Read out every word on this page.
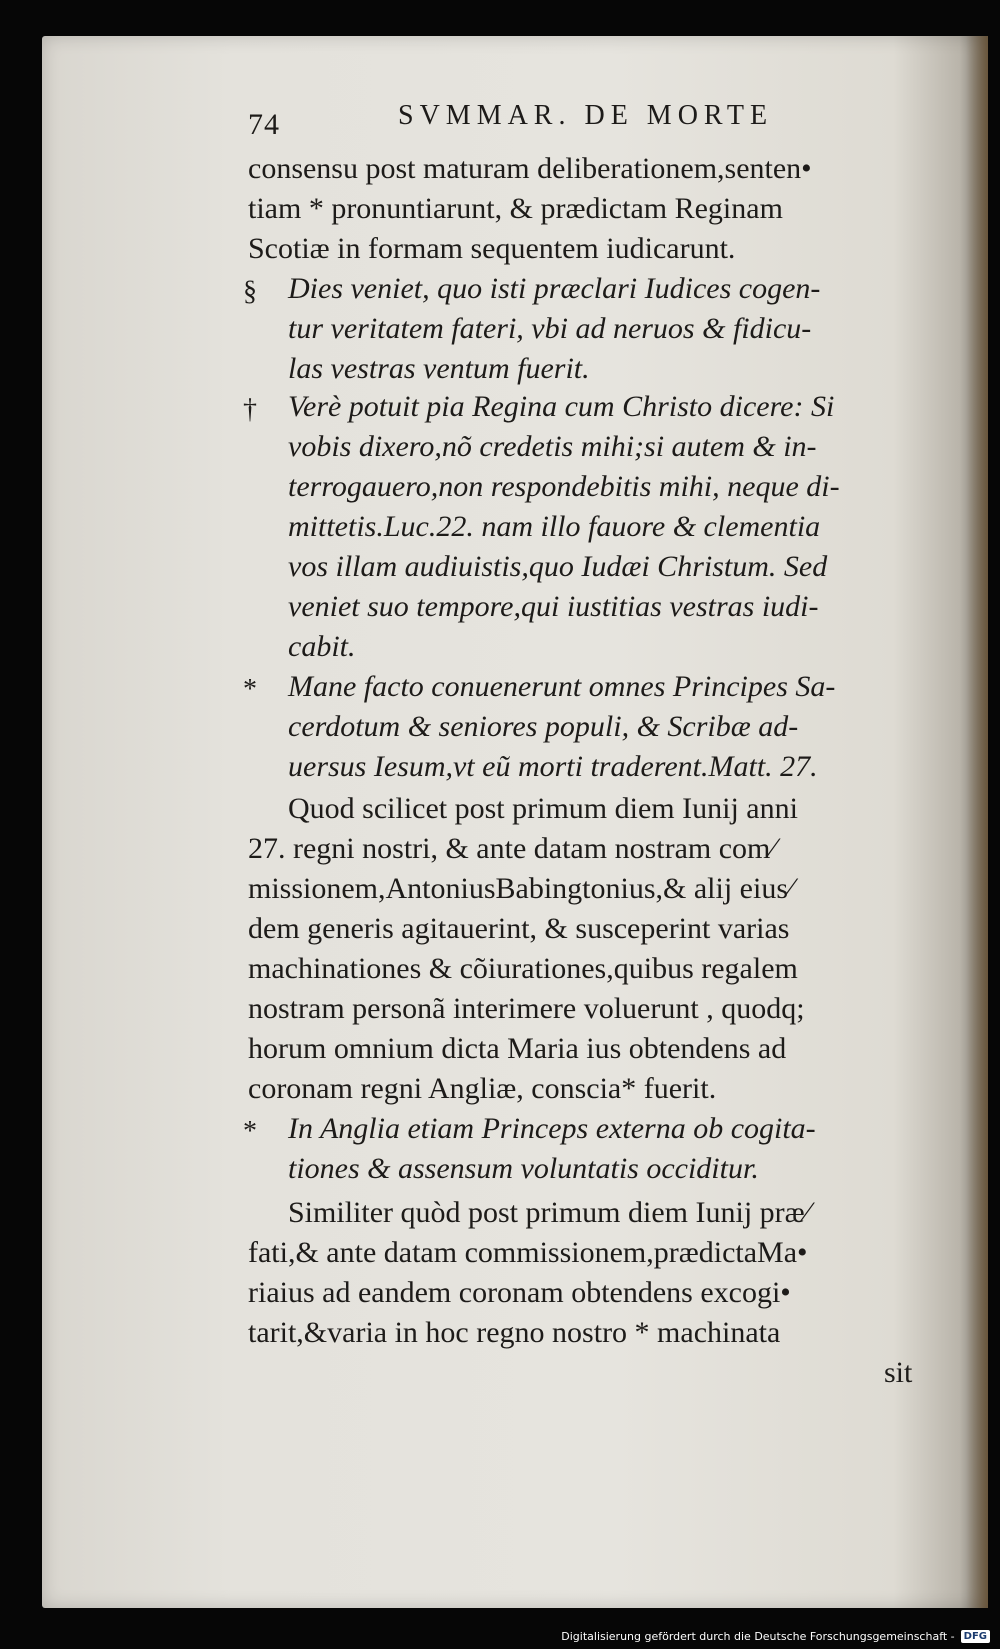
74	SVMMAR. DE MORTE
consensu post maturam deliberationem,senten•
tiam * pronuntiarunt, & prædictam Reginam
Scotiæ in formam sequentem iudicarunt.
§ Dies veniet, quo isti præclari Iudices cogen-
tur veritatem fateri, vbi ad neruos & fidicu-
las vestras ventum fuerit.
† Verè potuit pia Regina cum Christo dicere: Si
vobis dixero,nõ credetis mihi;si autem & in-
terrogauero,non respondebitis mihi, neque di-
mittetis.Luc.22. nam illo fauore & clementia
vos illam audiuistis,quo Iudæi Christum. Sed
veniet suo tempore,qui iustitias vestras iudi-
cabit.
* Mane facto conuenerunt omnes Principes Sa-
cerdotum & seniores populi, & Scribæ ad-
uersus Iesum,vt eũ morti traderent.Matt. 27.
Quod scilicet post primum diem Iunij anni
27. regni nostri, & ante datam nostram com⁄
missionem,AntoniusBabingtonius,& alij eius⁄
dem generis agitauerint, & susceperint varias
machinationes & cõiurationes,quibus regalem
nostram personã interimere voluerunt , quodq;
horum omnium dicta Maria ius obtendens ad
coronam regni Angliæ, conscia* fuerit.
* In Anglia etiam Princeps externa ob cogita-
tiones & assensum voluntatis occiditur.
Similiter quòd post primum diem Iunij præ⁄
fati,& ante datam commissionem,prædictaMa•
riaius ad eandem coronam obtendens excogi•
tarit,&varia in hoc regno nostro * machinata
sit
Digitalisierung gefördert durch die Deutsche Forschungsgemeinschaft - DFG
